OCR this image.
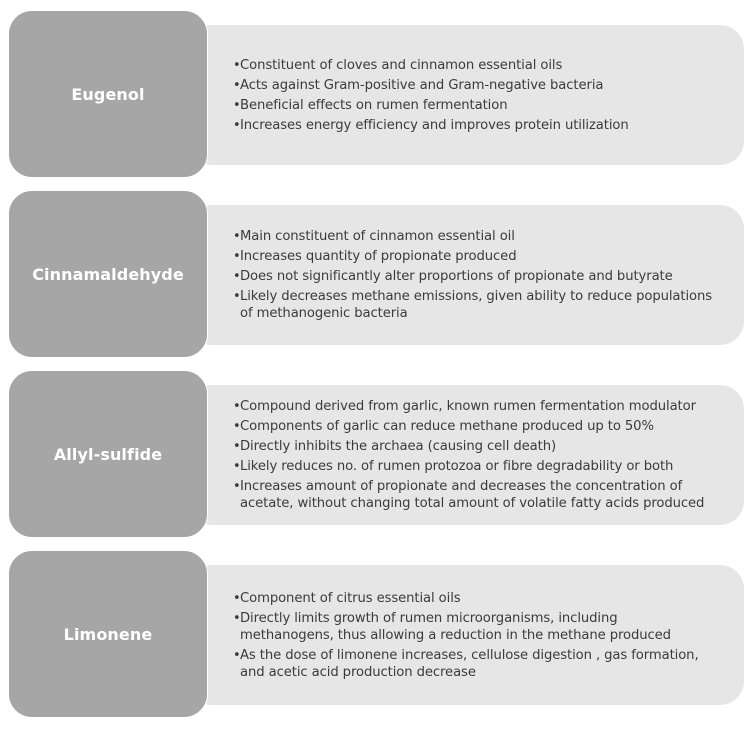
• Constituent of cloves and cinnamon essential oils
• Acts against Gram-positive and Gram-negative bacteria
• Beneficial effects on rumen fermentation
• Increases energy efficiency and improves protein utilization
Eugenol
• Main constituent of cinnamon essential oil
• Increases quantity of propionate produced
• Does not significantly alter proportions of propionate and butyrate
• Likely decreases methane emissions, given ability to reduce populations of methanogenic bacteria
Cinnamaldehyde
• Compound derived from garlic, known rumen fermentation modulator
• Components of garlic can reduce methane produced up to 50%
• Directly inhibits the archaea (causing cell death)
• Likely reduces no. of rumen protozoa or fibre degradability or both
• Increases amount of propionate and decreases the concentration of acetate, without changing total amount of volatile fatty acids produced
Allyl-sulfide
• Component of citrus essential oils
• Directly limits growth of rumen microorganisms, including methanogens, thus allowing a reduction in the methane produced
• As the dose of limonene increases, cellulose digestion , gas formation, and acetic acid production decrease
Limonene
